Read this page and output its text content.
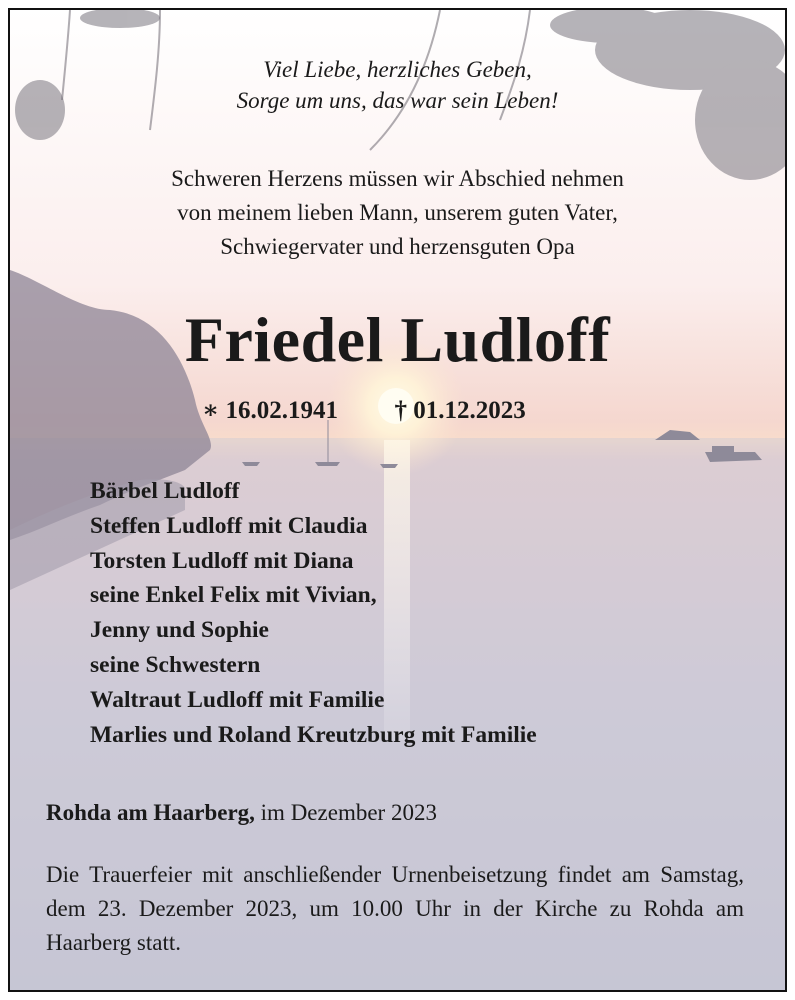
Viel Liebe, herzliches Geben,
Sorge um uns, das war sein Leben!
Schweren Herzens müssen wir Abschied nehmen
von meinem lieben Mann, unserem guten Vater,
Schwiegervater und herzensguten Opa
Friedel Ludloff
∗ 16.02.1941 † 01.12.2023
Bärbel Ludloff
Steffen Ludloff mit Claudia
Torsten Ludloff mit Diana
seine Enkel Felix mit Vivian,
Jenny und Sophie
seine Schwestern
Waltraut Ludloff mit Familie
Marlies und Roland Kreutzburg mit Familie
Rohda am Haarberg, im Dezember 2023
Die Trauerfeier mit anschließender Urnenbeisetzung findet am Samstag, dem 23. Dezember 2023, um 10.00 Uhr in der Kirche zu Rohda am Haarberg statt.
